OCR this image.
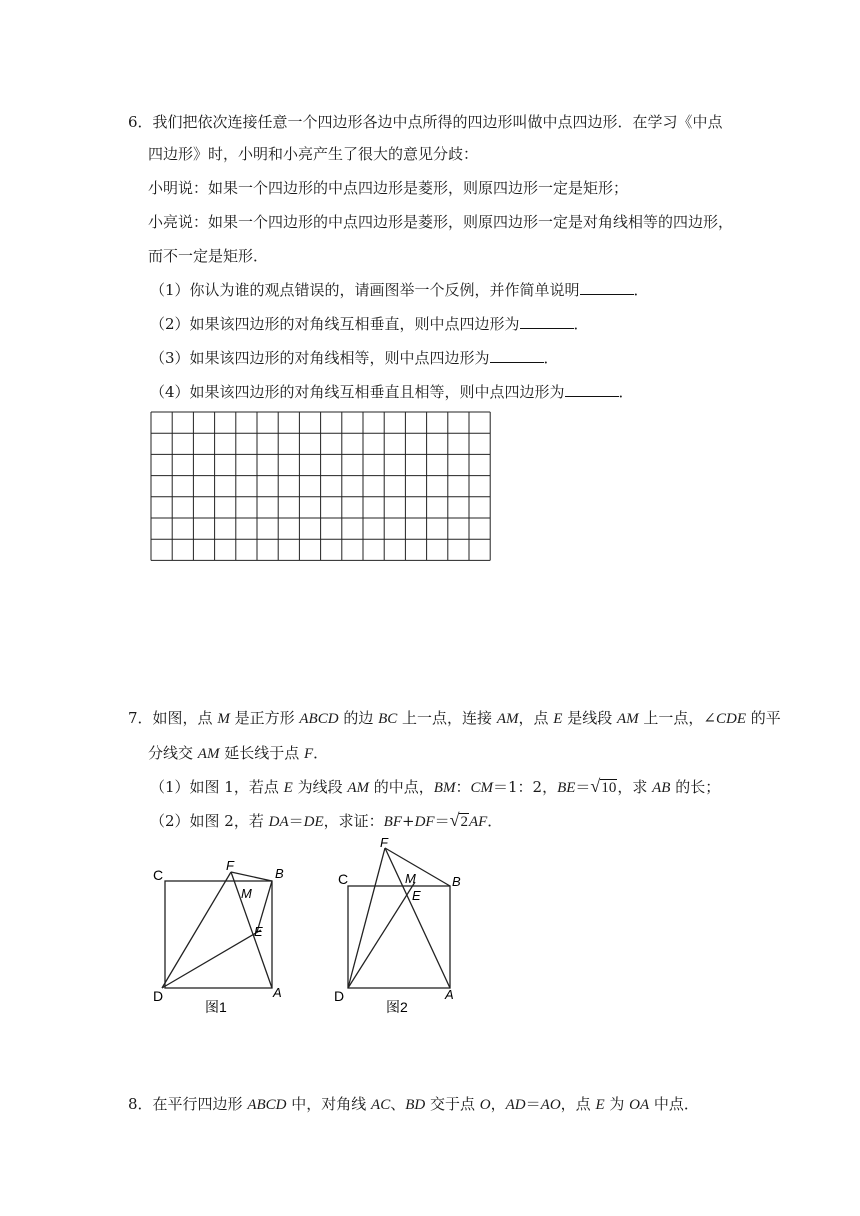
6．我们把依次连接任意一个四边形各边中点所得的四边形叫做中点四边形．在学习《中点
四边形》时，小明和小亮产生了很大的意见分歧：
小明说：如果一个四边形的中点四边形是菱形，则原四边形一定是矩形；
小亮说：如果一个四边形的中点四边形是菱形，则原四边形一定是对角线相等的四边形，
而不一定是矩形．
（1）你认为谁的观点错误的，请画图举一个反例，并作简单说明	．
（2）如果该四边形的对角线互相垂直，则中点四边形为	．
（3）如果该四边形的对角线相等，则中点四边形为	．
（4）如果该四边形的对角线互相垂直且相等，则中点四边形为	．
7．如图，点 M 是正方形 ABCD 的边 BC 上一点，连接 AM，点 E 是线段 AM 上一点，∠CDE 的平
分线交 AM 延长线于点 F．
（1）如图 1，若点 E 为线段 AM 的中点，BM：CM＝1：2，BE＝√10，求 AB 的长；
（2）如图 2，若 DA＝DE，求证：BF+DF＝√2AF．
C
F
B
M
E
D	A
图1
F
C	M	B
E
D	A
图2
8．在平行四边形 ABCD 中，对角线 AC、BD 交于点 O，AD＝AO，点 E 为 OA 中点．
